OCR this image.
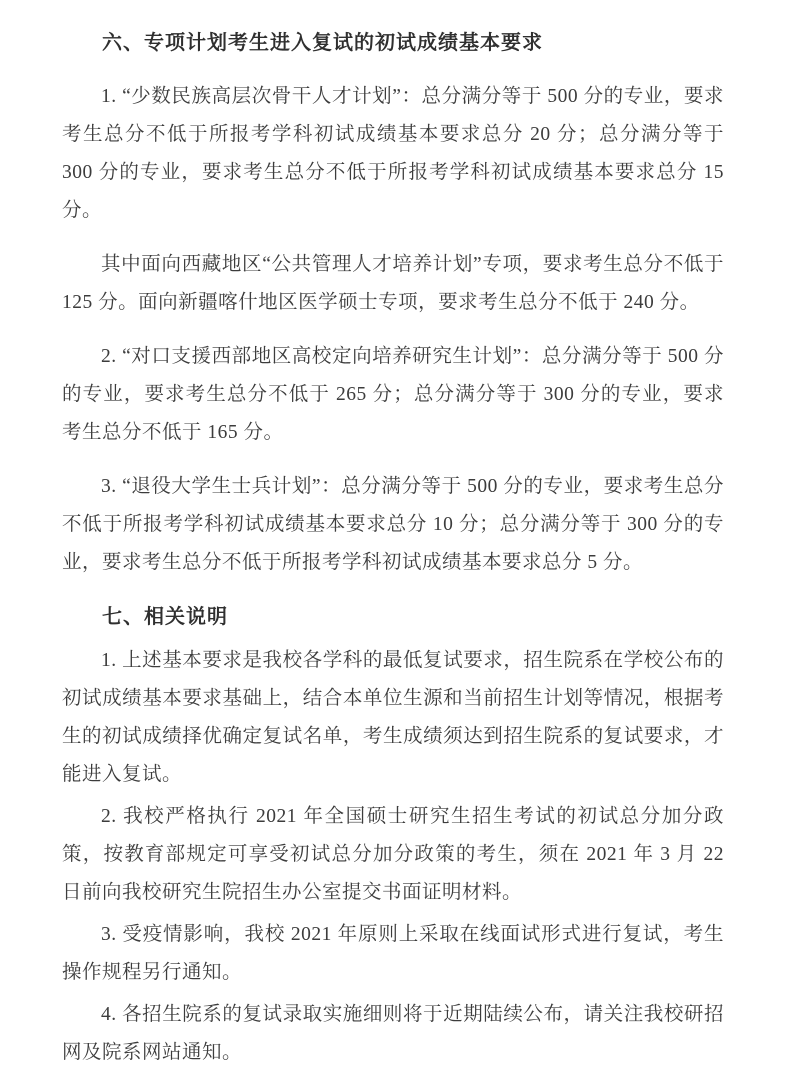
六、专项计划考生进入复试的初试成绩基本要求

1. “少数民族高层次骨干人才计划”：总分满分等于 500 分的专业，要求考生总分不低于所报考学科初试成绩基本要求总分 20 分；总分满分等于 300 分的专业，要求考生总分不低于所报考学科初试成绩基本要求总分 15 分。

其中面向西藏地区“公共管理人才培养计划”专项，要求考生总分不低于 125 分。面向新疆喀什地区医学硕士专项，要求考生总分不低于 240 分。

2. “对口支援西部地区高校定向培养研究生计划”：总分满分等于 500 分的专业，要求考生总分不低于 265 分；总分满分等于 300 分的专业，要求考生总分不低于 165 分。

3. “退役大学生士兵计划”：总分满分等于 500 分的专业，要求考生总分不低于所报考学科初试成绩基本要求总分 10 分；总分满分等于 300 分的专业，要求考生总分不低于所报考学科初试成绩基本要求总分 5 分。

七、相关说明

1. 上述基本要求是我校各学科的最低复试要求，招生院系在学校公布的初试成绩基本要求基础上，结合本单位生源和当前招生计划等情况，根据考生的初试成绩择优确定复试名单，考生成绩须达到招生院系的复试要求，才能进入复试。

2. 我校严格执行 2021 年全国硕士研究生招生考试的初试总分加分政策，按教育部规定可享受初试总分加分政策的考生，须在 2021 年 3 月 22 日前向我校研究生院招生办公室提交书面证明材料。

3. 受疫情影响，我校 2021 年原则上采取在线面试形式进行复试，考生操作规程另行通知。

4. 各招生院系的复试录取实施细则将于近期陆续公布，请关注我校研招网及院系网站通知。
